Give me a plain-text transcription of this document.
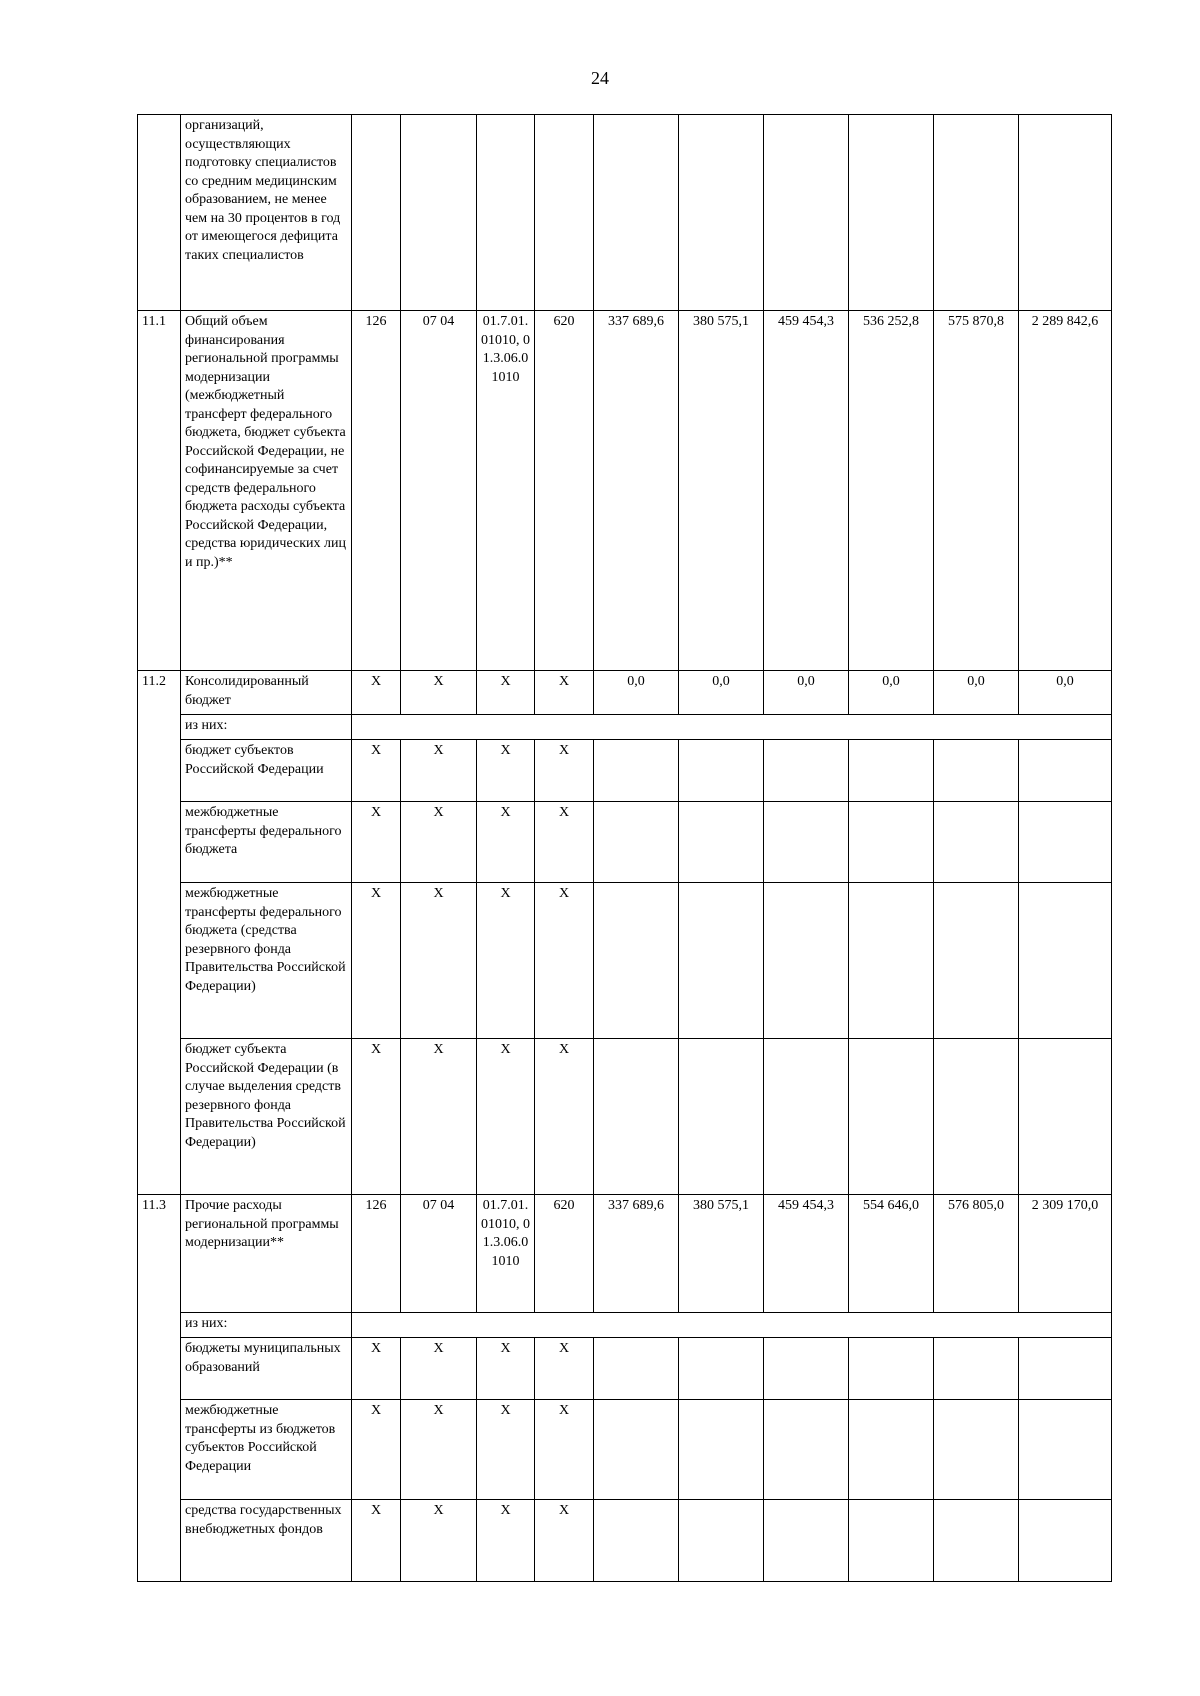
24
	организаций, осуществляющих подготовку специалистов со средним медицинским образованием, не менее чем на 30 процентов в год от имеющегося дефицита таких специалистов										
11.1	Общий объем финансирования региональной программы модернизации (межбюджетный трансферт федерального бюджета, бюджет субъекта Российской Федерации, не софинансируемые за счет средств федерального бюджета расходы субъекта Российской Федерации, средства юридических лиц и пр.)**	126	07 04	01.7.01.01010, 01.3.06.01010	620	337 689,6	380 575,1	459 454,3	536 252,8	575 870,8	2 289 842,6
11.2	Консолидированный бюджет	X	X	X	X	0,0	0,0	0,0	0,0	0,0	0,0
	из них:										
	бюджет субъектов Российской Федерации	X	X	X	X						
	межбюджетные трансферты федерального бюджета	X	X	X	X						
	межбюджетные трансферты федерального бюджета (средства резервного фонда Правительства Российской Федерации)	X	X	X	X						
	бюджет субъекта Российской Федерации (в случае выделения средств резервного фонда Правительства Российской Федерации)	X	X	X	X						
11.3	Прочие расходы региональной программы модернизации**	126	07 04	01.7.01.01010, 01.3.06.01010	620	337 689,6	380 575,1	459 454,3	554 646,0	576 805,0	2 309 170,0
	из них:										
	бюджеты муниципальных образований	X	X	X	X						
	межбюджетные трансферты из бюджетов субъектов Российской Федерации	X	X	X	X						
	средства государственных внебюджетных фондов	X	X	X	X						
